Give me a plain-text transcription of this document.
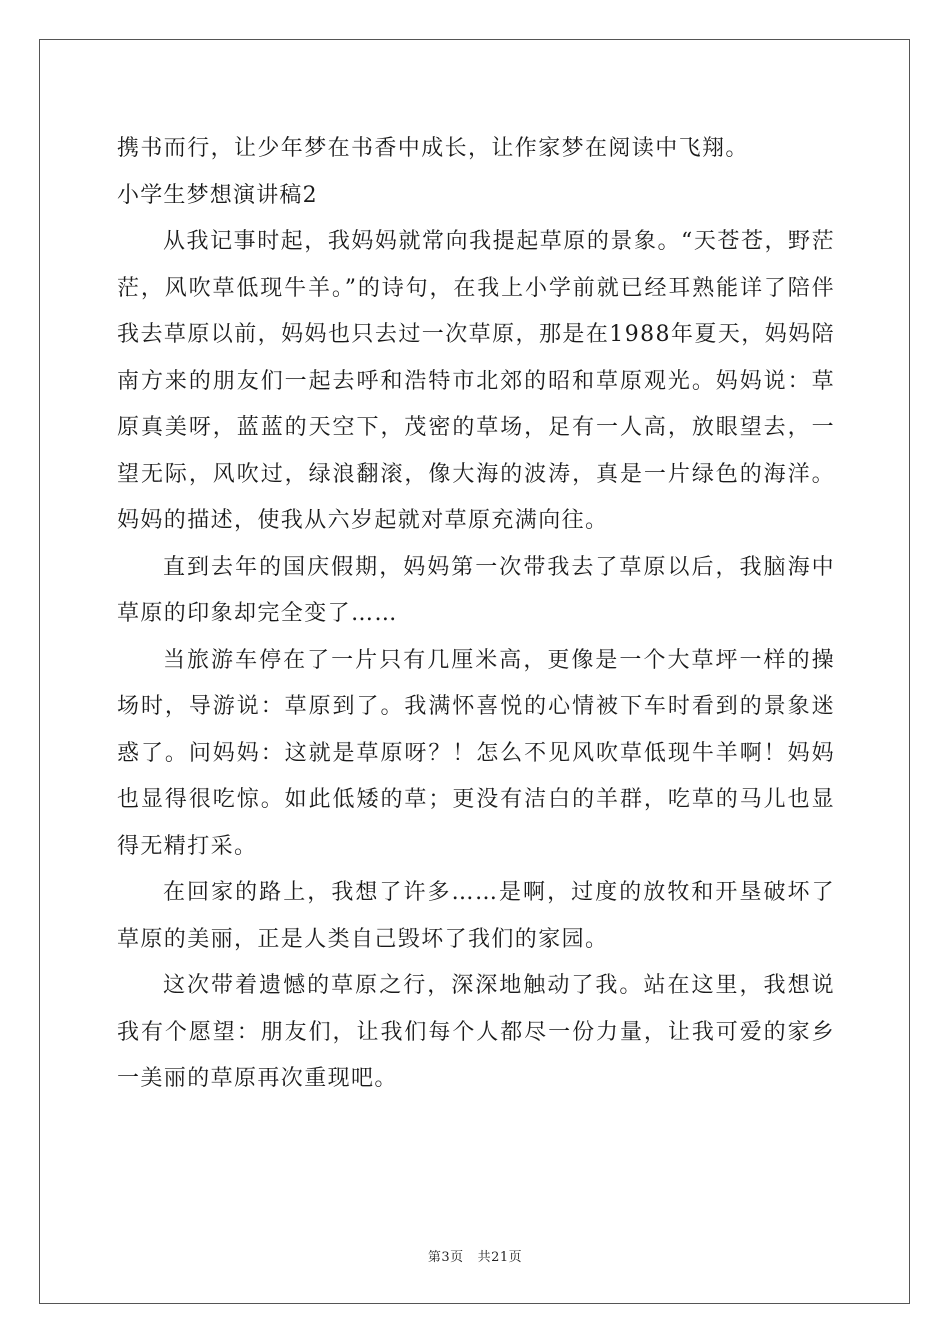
携书而行，让少年梦在书香中成长，让作家梦在阅读中飞翔。

小学生梦想演讲稿2

从我记事时起，我妈妈就常向我提起草原的景象。“天苍苍，野茫茫，风吹草低现牛羊。”的诗句，在我上小学前就已经耳熟能详了陪伴我去草原以前，妈妈也只去过一次草原，那是在1988年夏天，妈妈陪南方来的朋友们一起去呼和浩特市北郊的昭和草原观光。妈妈说：草原真美呀，蓝蓝的天空下，茂密的草场，足有一人高，放眼望去，一望无际，风吹过，绿浪翻滚，像大海的波涛，真是一片绿色的海洋。妈妈的描述，使我从六岁起就对草原充满向往。

直到去年的国庆假期，妈妈第一次带我去了草原以后，我脑海中草原的印象却完全变了……

当旅游车停在了一片只有几厘米高，更像是一个大草坪一样的操场时，导游说：草原到了。我满怀喜悦的心情被下车时看到的景象迷惑了。问妈妈：这就是草原呀？！怎么不见风吹草低现牛羊啊！妈妈也显得很吃惊。如此低矮的草；更没有洁白的羊群，吃草的马儿也显得无精打采。

在回家的路上，我想了许多……是啊，过度的放牧和开垦破坏了草原的美丽，正是人类自己毁坏了我们的家园。

这次带着遗憾的草原之行，深深地触动了我。站在这里，我想说我有个愿望：朋友们，让我们每个人都尽一份力量，让我可爱的家乡一美丽的草原再次重现吧。

第3页 共21页
